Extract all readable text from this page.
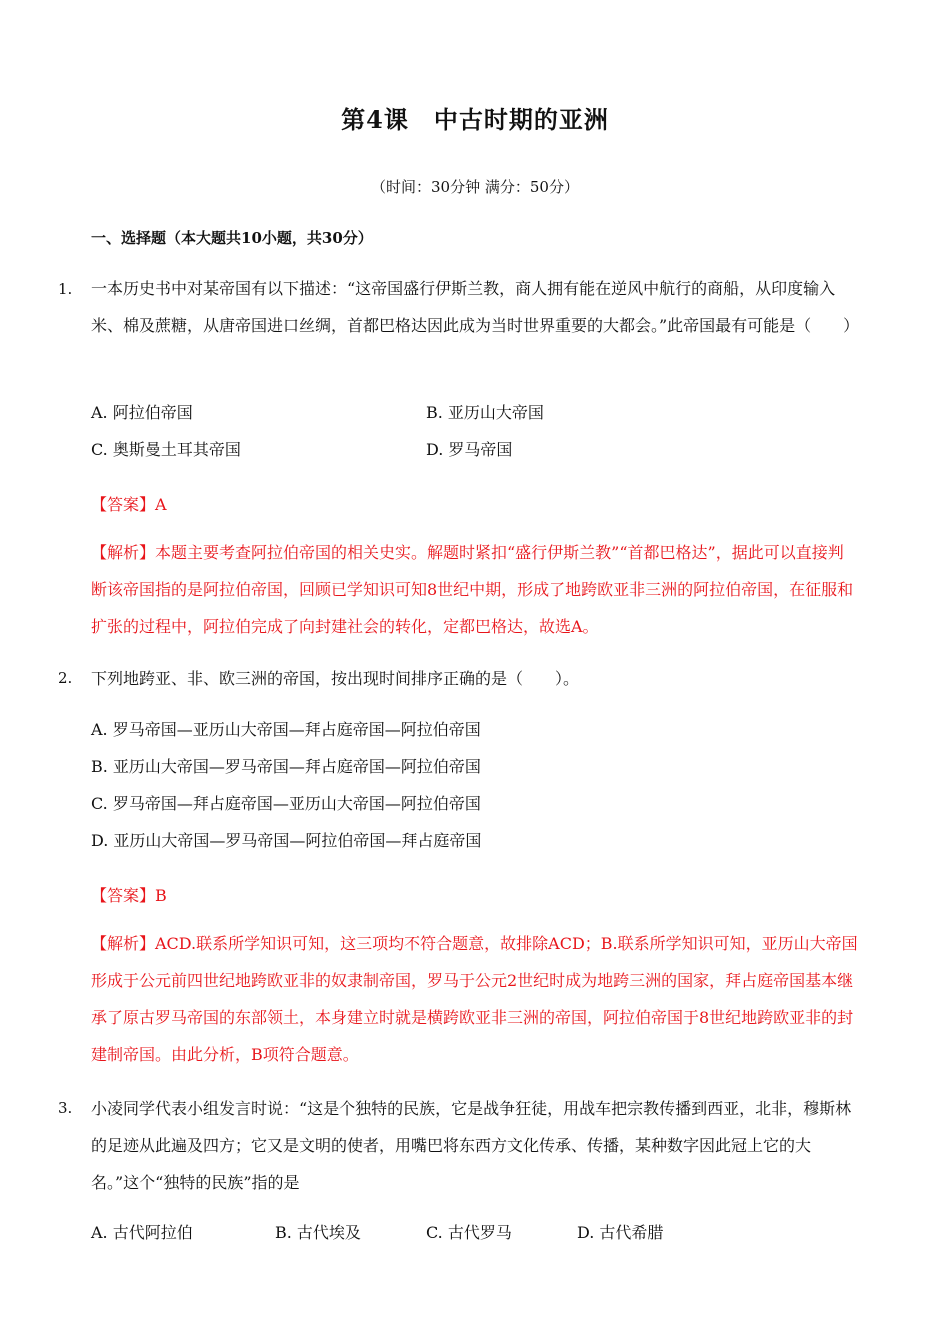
第4课　中古时期的亚洲
（时间：30分钟 满分：50分）
一、选择题（本大题共10小题，共30分）
1. 一本历史书中对某帝国有以下描述：“这帝国盛行伊斯兰教，商人拥有能在逆风中航行的商船，从印度输入米、棉及蔗糖，从唐帝国进口丝绸，首都巴格达因此成为当时世界重要的大都会。”此帝国最有可能是（　　）
A. 阿拉伯帝国	B. 亚历山大帝国
C. 奥斯曼土耳其帝国	D. 罗马帝国
【答案】A
【解析】本题主要考查阿拉伯帝国的相关史实。解题时紧扣“盛行伊斯兰教”“首都巴格达”，据此可以直接判断该帝国指的是阿拉伯帝国，回顾已学知识可知8世纪中期，形成了地跨欧亚非三洲的阿拉伯帝国，在征服和扩张的过程中，阿拉伯完成了向封建社会的转化，定都巴格达，故选A。
2. 下列地跨亚、非、欧三洲的帝国，按出现时间排序正确的是（　　）。
A. 罗马帝国—亚历山大帝国—拜占庭帝国—阿拉伯帝国
B. 亚历山大帝国—罗马帝国—拜占庭帝国—阿拉伯帝国
C. 罗马帝国—拜占庭帝国—亚历山大帝国—阿拉伯帝国
D. 亚历山大帝国—罗马帝国—阿拉伯帝国—拜占庭帝国
【答案】B
【解析】ACD.联系所学知识可知，这三项均不符合题意，故排除ACD；B.联系所学知识可知，亚历山大帝国形成于公元前四世纪地跨欧亚非的奴隶制帝国，罗马于公元2世纪时成为地跨三洲的国家，拜占庭帝国基本继承了原古罗马帝国的东部领土，本身建立时就是横跨欧亚非三洲的帝国，阿拉伯帝国于8世纪地跨欧亚非的封建制帝国。由此分析，B项符合题意。
3. 小凌同学代表小组发言时说：“这是个独特的民族，它是战争狂徒，用战车把宗教传播到西亚，北非，穆斯林的足迹从此遍及四方；它又是文明的使者，用嘴巴将东西方文化传承、传播，某种数字因此冠上它的大名。”这个“独特的民族”指的是
A. 古代阿拉伯	B. 古代埃及	C. 古代罗马	D. 古代希腊
